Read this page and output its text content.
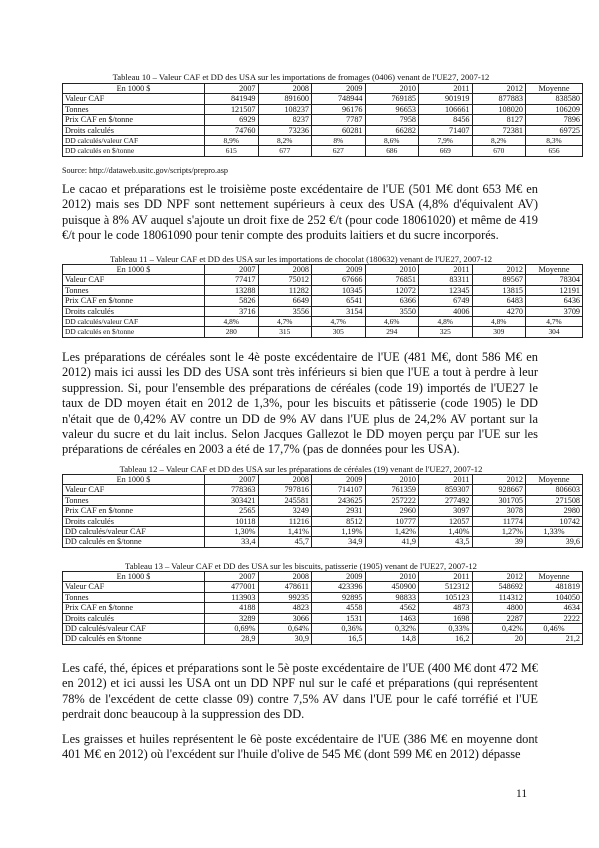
Tableau 10 – Valeur CAF et DD des USA sur les importations de fromages (0406) venant de l'UE27, 2007-12
En 1000 $	2007	2008	2009	2010	2011	2012	Moyenne
Valeur CAF	841949	891600	748944	769185	901919	877883	838580
Tonnes	121507	108237	96176	96653	106661	108020	106209
Prix CAF en $/tonne	6929	8237	7787	7958	8456	8127	7896
Droits calculés	74760	73236	60281	66282	71407	72381	69725
DD calculés/valeur CAF	8,9%	8,2%	8%	8,6%	7,9%	8,2%	8,3%
DD calculés en $/tonne	615	677	627	686	669	670	656
Source: http://dataweb.usitc.gov/scripts/prepro.asp

Le cacao et préparations est le troisième poste excédentaire de l'UE (501 M€ dont 653 M€ en 2012) mais ses DD NPF sont nettement supérieurs à ceux des USA (4,8% d'équivalent AV) puisque à 8% AV auquel s'ajoute un droit fixe de 252 €/t (pour code 18061020) et même de 419 €/t pour le code 18061090 pour tenir compte des produits laitiers et du sucre incorporés.

Tableau 11 – Valeur CAF et DD des USA sur les importations de chocolat (180632) venant de l'UE27, 2007-12
En 1000 $	2007	2008	2009	2010	2011	2012	Moyenne
Valeur CAF	77417	75012	67666	76851	83311	89567	78304
Tonnes	13288	11282	10345	12072	12345	13815	12191
Prix CAF en $/tonne	5826	6649	6541	6366	6749	6483	6436
Droits calculés	3716	3556	3154	3550	4006	4270	3709
DD calculés/valeur CAF	4,8%	4,7%	4,7%	4,6%	4,8%	4,8%	4,7%
DD calculés en $/tonne	280	315	305	294	325	309	304

Les préparations de céréales sont le 4è poste excédentaire de l'UE (481 M€, dont 586 M€ en 2012) mais ici aussi les DD des USA sont très inférieurs si bien que l'UE a tout à perdre à leur suppression. Si, pour l'ensemble des préparations de céréales (code 19) importés de l'UE27 le taux de DD moyen était en 2012 de 1,3%, pour les biscuits et pâtisserie (code 1905) le DD n'était que de 0,42% AV contre un DD de 9% AV dans l'UE plus de 24,2% AV portant sur la valeur du sucre et du lait inclus. Selon Jacques Gallezot le DD moyen perçu par l'UE sur les préparations de céréales en 2003 a été de 17,7% (pas de données pour les USA).

Tableau 12 – Valeur CAF et DD des USA sur les préparations de céréales (19) venant de l'UE27, 2007-12
En 1000 $	2007	2008	2009	2010	2011	2012	Moyenne
Valeur CAF	778363	797816	714107	761359	859307	928667	806603
Tonnes	303421	245581	243625	257222	277492	301705	271508
Prix CAF en $/tonne	2565	3249	2931	2960	3097	3078	2980
Droits calculés	10118	11216	8512	10777	12057	11774	10742
DD calculés/valeur CAF	1,30%	1,41%	1,19%	1,42%	1,40%	1,27%	1,33%
DD calculés en $/tonne	33,4	45,7	34,9	41,9	43,5	39	39,6
Tableau 13 – Valeur CAF et DD des USA sur les biscuits, patisserie (1905) venant de l'UE27, 2007-12
En 1000 $	2007	2008	2009	2010	2011	2012	Moyenne
Valeur CAF	477001	478611	423396	450900	512312	548692	481819
Tonnes	113903	99235	92895	98833	105123	114312	104050
Prix CAF en $/tonne	4188	4823	4558	4562	4873	4800	4634
Droits calculés	3289	3066	1531	1463	1698	2287	2222
DD calculés/valeur CAF	0,69%	0,64%	0,36%	0,32%	0,33%	0,42%	0,46%
DD calculés en $/tonne	28,9	30,9	16,5	14,8	16,2	20	21,2

Les café, thé, épices et préparations sont le 5è poste excédentaire de l'UE (400 M€ dont 472 M€ en 2012) et ici aussi les USA ont un DD NPF nul sur le café et préparations (qui représentent 78% de l'excédent de cette classe 09) contre 7,5% AV dans l'UE pour le café torréfié et l'UE perdrait donc beaucoup à la suppression des DD.

Les graisses et huiles représentent le 6è poste excédentaire de l'UE (386 M€ en moyenne dont 401 M€ en 2012) où l'excédent sur l'huile d'olive de 545 M€ (dont 599 M€ en 2012) dépasse

11
